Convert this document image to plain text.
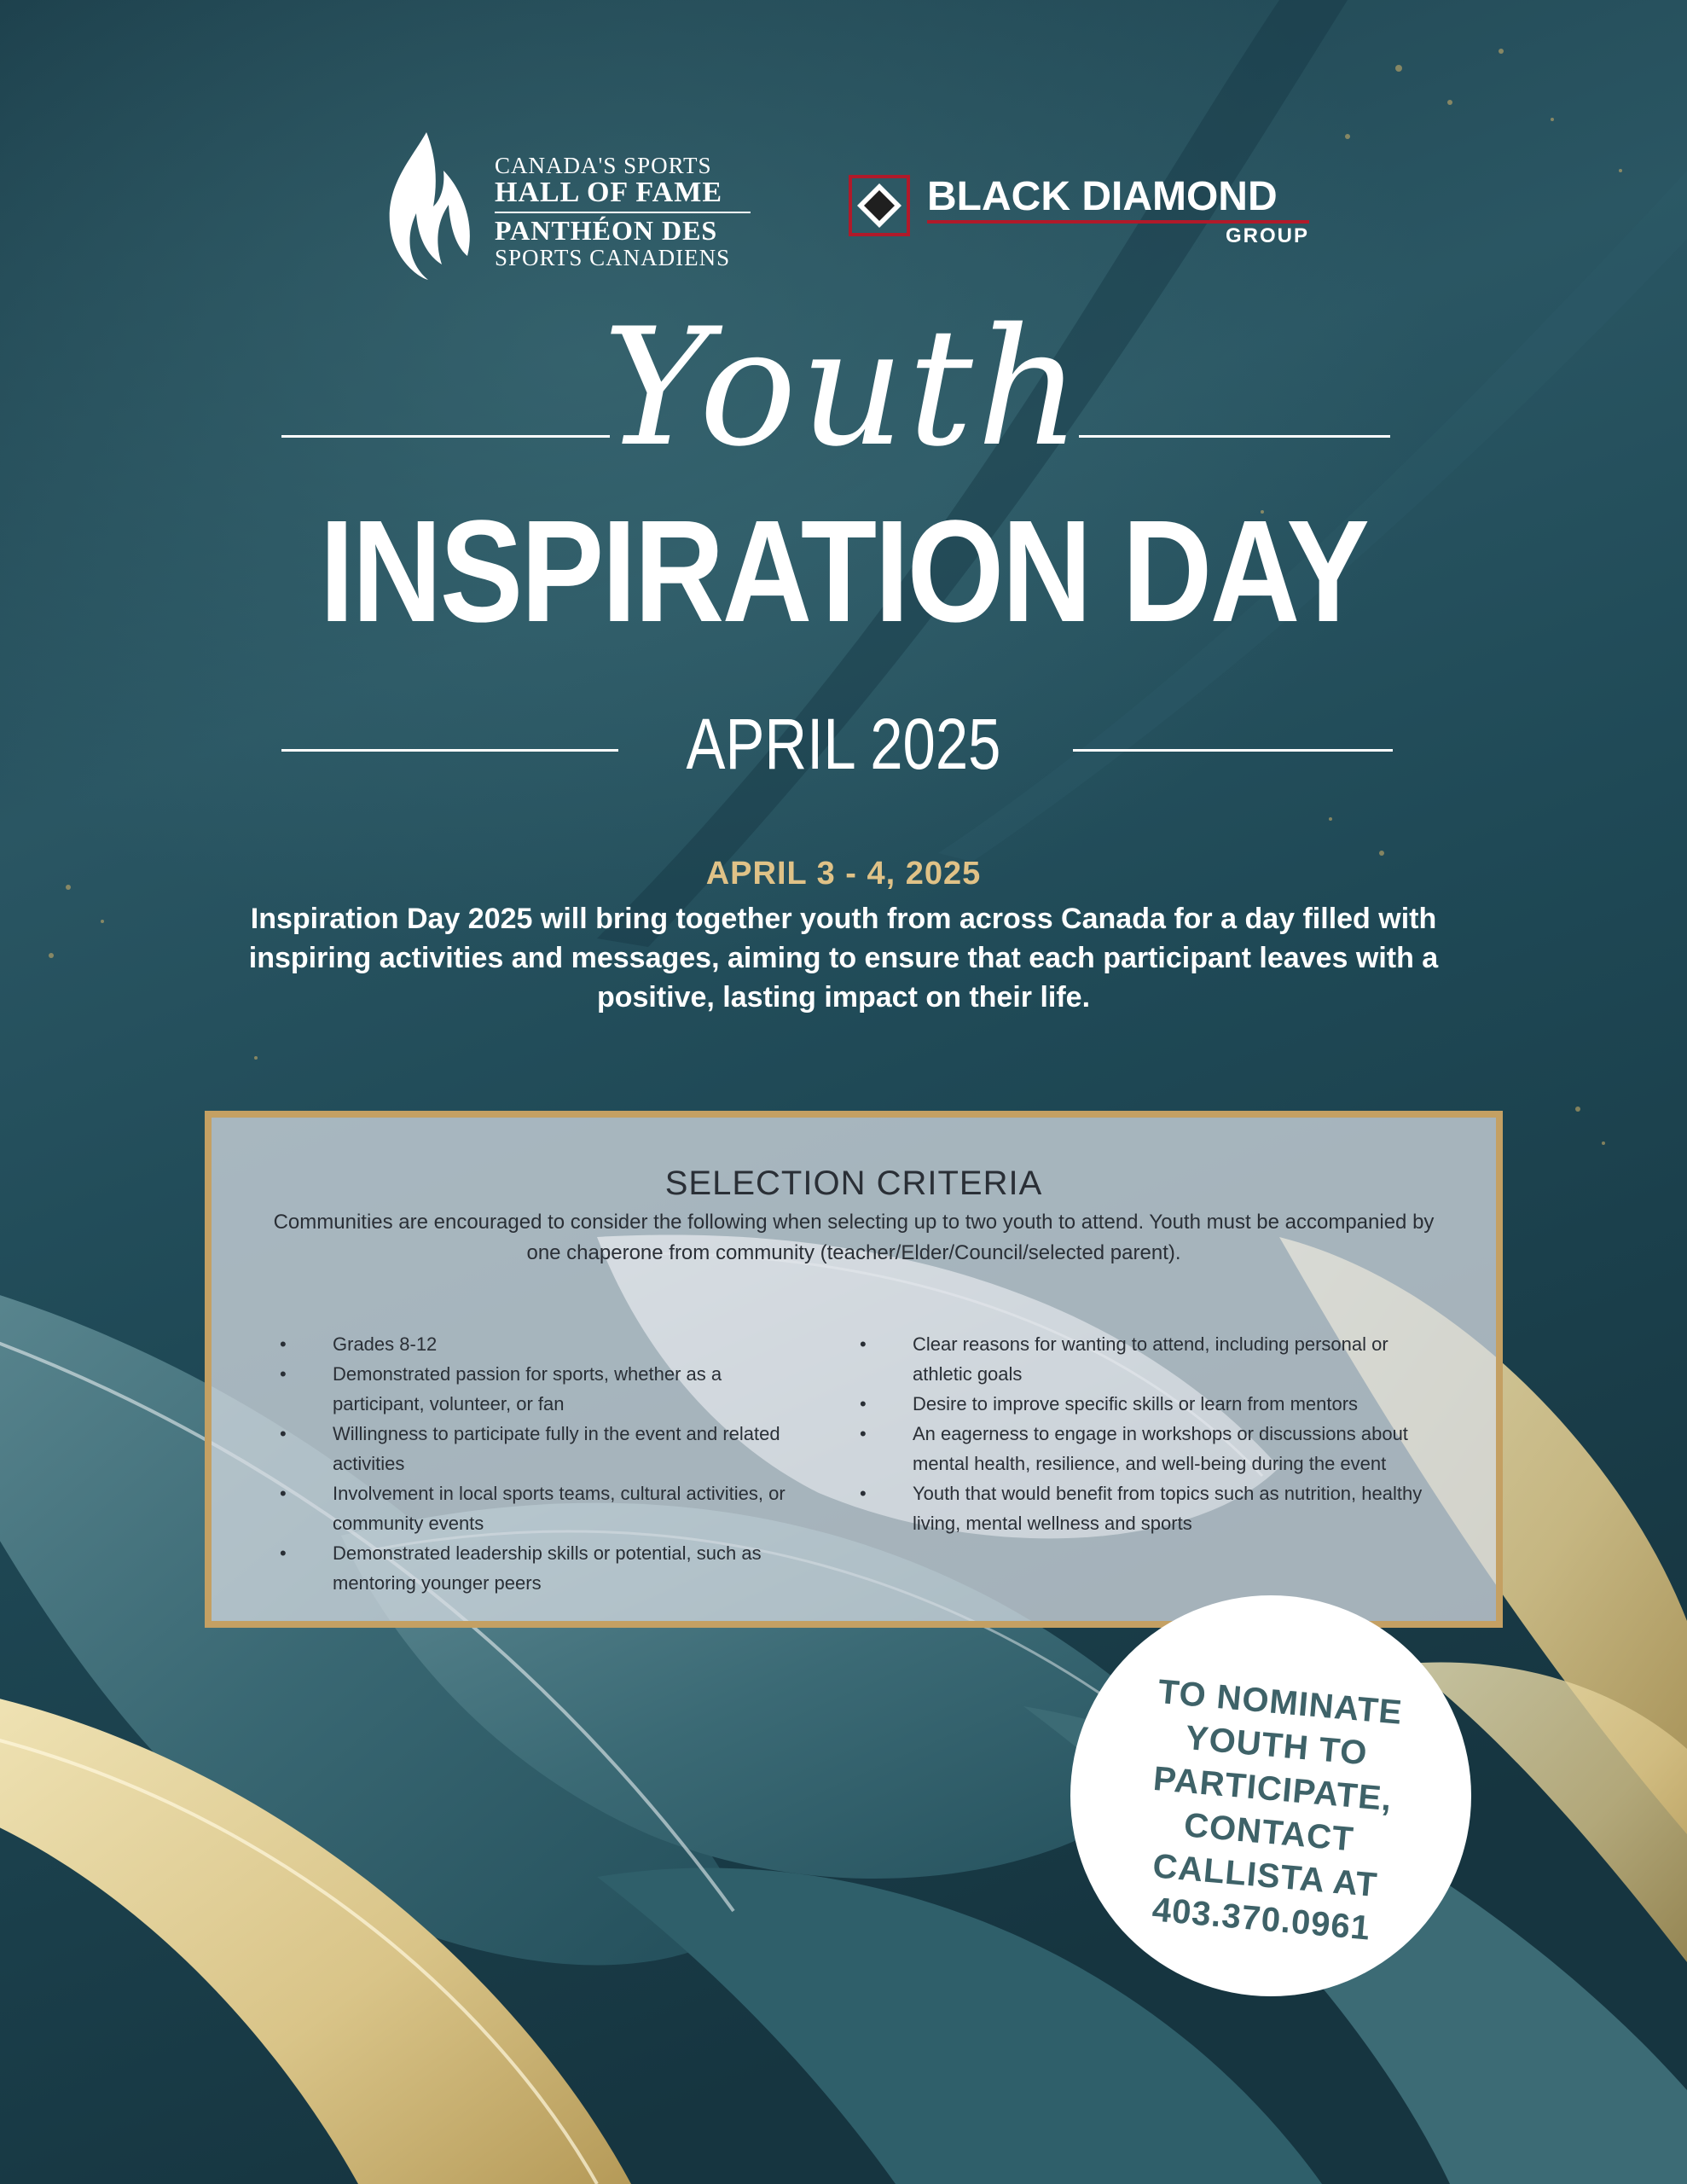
CANADA'S SPORTS
HALL OF FAME
PANTHÉON DES
SPORTS CANADIENS
BLACK DIAMOND
GROUP
Youth
INSPIRATION DAY
APRIL 2025
APRIL 3 - 4, 2025
Inspiration Day 2025 will bring together youth from across Canada for a day filled with inspiring activities and messages, aiming to ensure that each participant leaves with a positive, lasting impact on their life.
SELECTION CRITERIA
Communities are encouraged to consider the following when selecting up to two youth to attend. Youth must be accompanied by one chaperone from community (teacher/Elder/Council/selected parent).
• Grades 8-12
• Demonstrated passion for sports, whether as a participant, volunteer, or fan
• Willingness to participate fully in the event and related activities
• Involvement in local sports teams, cultural activities, or community events
• Demonstrated leadership skills or potential, such as mentoring younger peers
• Clear reasons for wanting to attend, including personal or athletic goals
• Desire to improve specific skills or learn from mentors
• An eagerness to engage in workshops or discussions about mental health, resilience, and well-being during the event
• Youth that would benefit from topics such as nutrition, healthy living, mental wellness and sports
TO NOMINATE YOUTH TO PARTICIPATE, CONTACT CALLISTA AT 403.370.0961
